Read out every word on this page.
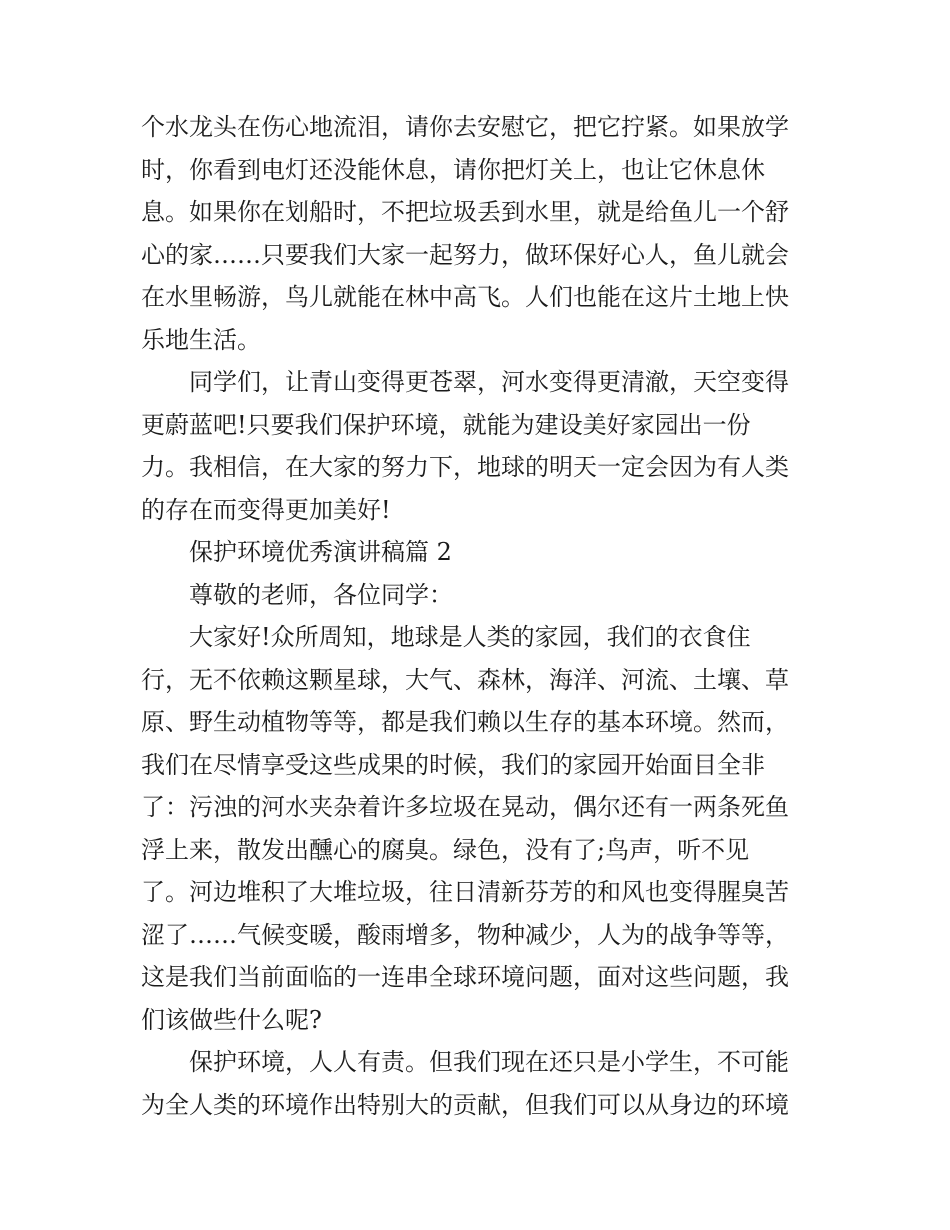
个水龙头在伤心地流泪，请你去安慰它，把它拧紧。如果放学
时，你看到电灯还没能休息，请你把灯关上，也让它休息休
息。如果你在划船时，不把垃圾丢到水里，就是给鱼儿一个舒
心的家……只要我们大家一起努力，做环保好心人，鱼儿就会
在水里畅游，鸟儿就能在林中高飞。人们也能在这片土地上快
乐地生活。

同学们，让青山变得更苍翠，河水变得更清澈，天空变得
更蔚蓝吧!只要我们保护环境，就能为建设美好家园出一份
力。我相信，在大家的努力下，地球的明天一定会因为有人类
的存在而变得更加美好!

保护环境优秀演讲稿篇 2

尊敬的老师，各位同学：

大家好!众所周知，地球是人类的家园，我们的衣食住
行，无不依赖这颗星球，大气、森林，海洋、河流、土壤、草
原、野生动植物等等，都是我们赖以生存的基本环境。然而，
我们在尽情享受这些成果的时候，我们的家园开始面目全非
了：污浊的河水夹杂着许多垃圾在晃动，偶尔还有一两条死鱼
浮上来，散发出醺心的腐臭。绿色，没有了;鸟声，听不见
了。河边堆积了大堆垃圾，往日清新芬芳的和风也变得腥臭苦
涩了……气候变暖，酸雨增多，物种减少，人为的战争等等，
这是我们当前面临的一连串全球环境问题，面对这些问题，我
们该做些什么呢?

保护环境，人人有责。但我们现在还只是小学生，不可能
为全人类的环境作出特别大的贡献，但我们可以从身边的环境
